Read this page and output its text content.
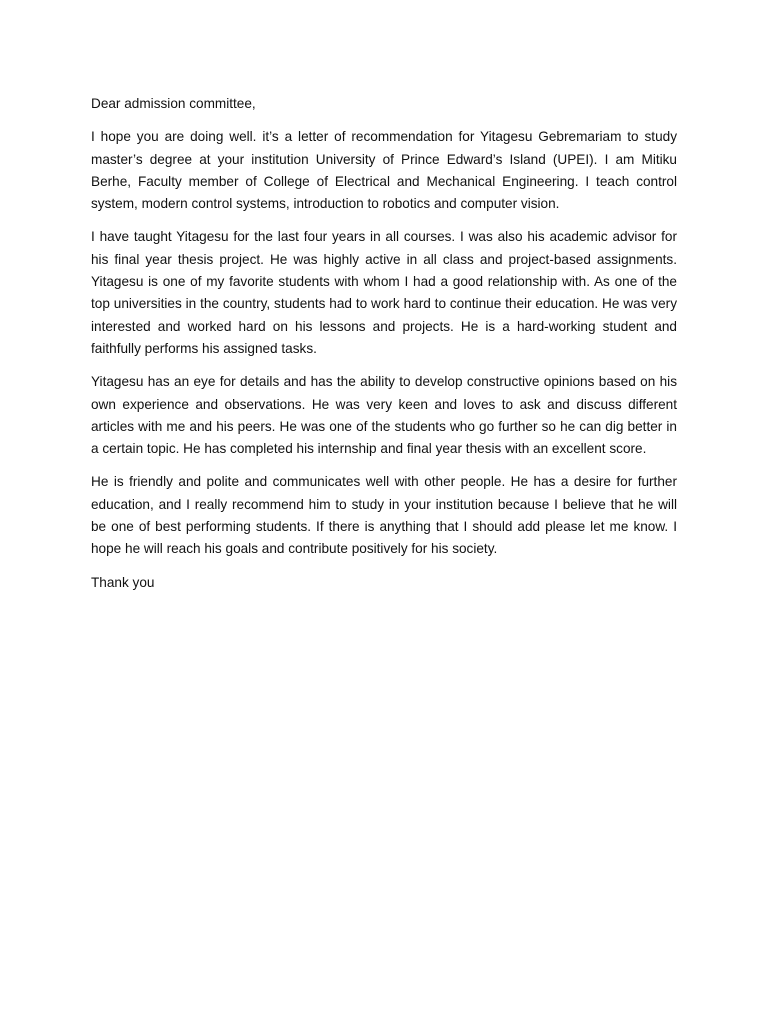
Dear admission committee,

I hope you are doing well. it’s a letter of recommendation for Yitagesu Gebremariam to study master’s degree at your institution University of Prince Edward’s Island (UPEI). I am Mitiku Berhe, Faculty member of College of Electrical and Mechanical Engineering. I teach control system, modern control systems, introduction to robotics and computer vision.

I have taught Yitagesu for the last four years in all courses. I was also his academic advisor for his final year thesis project. He was highly active in all class and project-based assignments. Yitagesu is one of my favorite students with whom I had a good relationship with. As one of the top universities in the country, students had to work hard to continue their education. He was very interested and worked hard on his lessons and projects. He is a hard-working student and faithfully performs his assigned tasks.

Yitagesu has an eye for details and has the ability to develop constructive opinions based on his own experience and observations. He was very keen and loves to ask and discuss different articles with me and his peers. He was one of the students who go further so he can dig better in a certain topic. He has completed his internship and final year thesis with an excellent score.

He is friendly and polite and communicates well with other people. He has a desire for further education, and I really recommend him to study in your institution because I believe that he will be one of best performing students. If there is anything that I should add please let me know. I hope he will reach his goals and contribute positively for his society.

Thank you
